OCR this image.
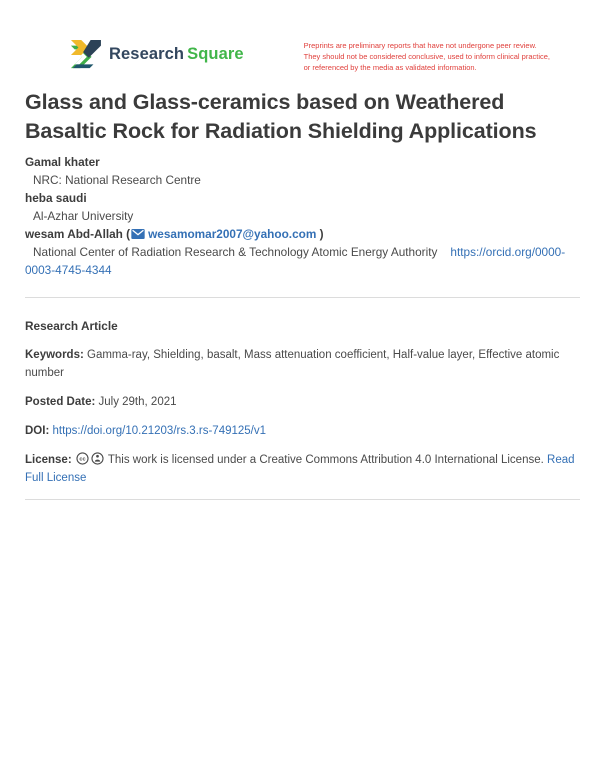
Research Square	Preprints are preliminary reports that have not undergone peer review.
They should not be considered conclusive, used to inform clinical practice,
or referenced by the media as validated information.
Glass and Glass-ceramics based on Weathered Basaltic Rock for Radiation Shielding Applications

Gamal khater

NRC: National Research Centre

heba saudi

Al-Azhar University

wesam Abd-Allah ( wesamomar2007@yahoo.com )

National Center of Radiation Research & Technology Atomic Energy Authority https://orcid.org/0000-0003-4745-4344

Research Article

Keywords: Gamma-ray, Shielding, basalt, Mass attenuation coefficient, Half-value layer, Effective atomic number

Posted Date: July 29th, 2021

DOI: https://doi.org/10.21203/rs.3.rs-749125/v1

License: cc This work is licensed under a Creative Commons Attribution 4.0 International License. Read Full License
